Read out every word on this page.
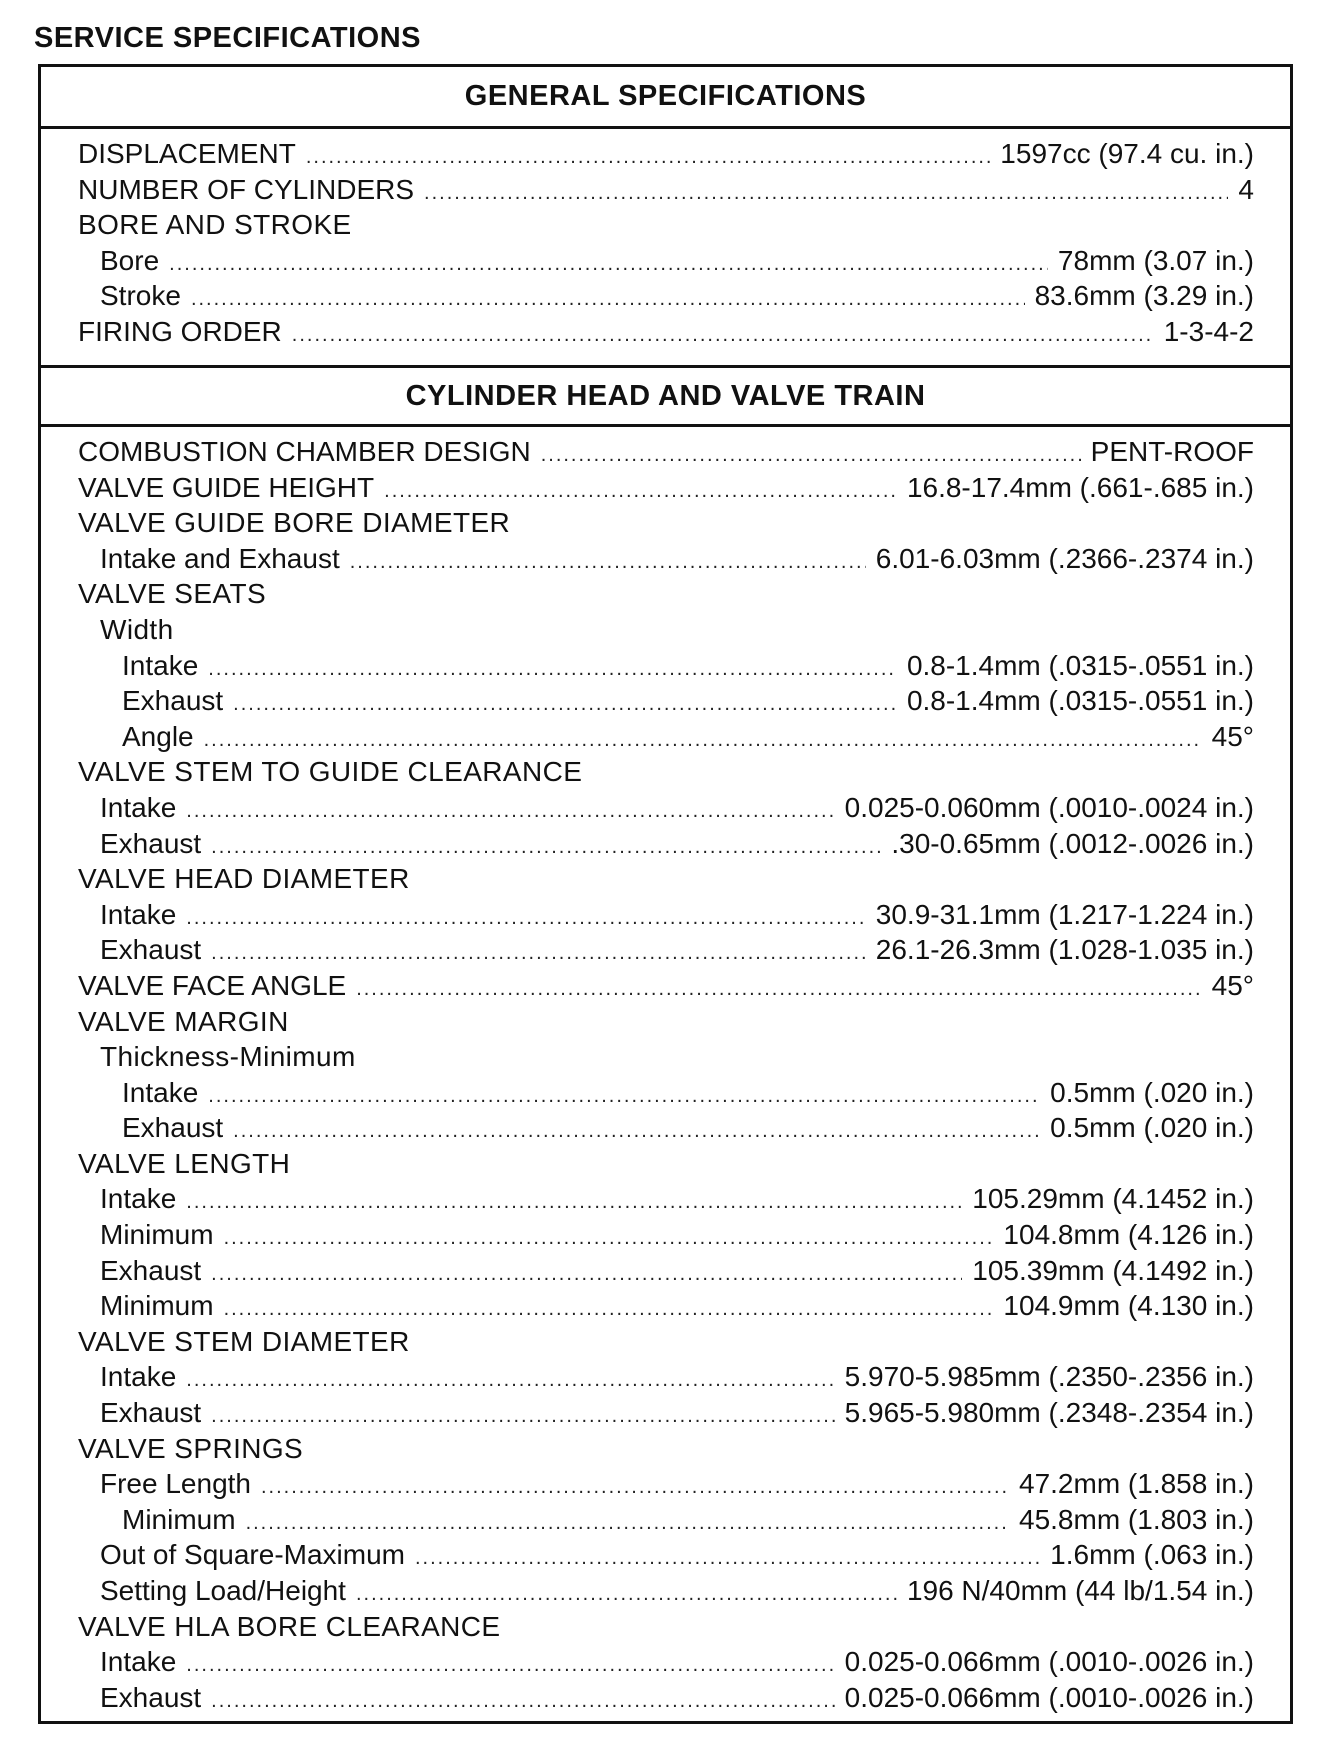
SERVICE SPECIFICATIONS
GENERAL SPECIFICATIONS
DISPLACEMENT .....	1597cc (97.4 cu. in.)
NUMBER OF CYLINDERS .....	4
BORE AND STROKE
Bore .....	78mm (3.07 in.)
Stroke .....	83.6mm (3.29 in.)
FIRING ORDER .....	1-3-4-2
CYLINDER HEAD AND VALVE TRAIN
COMBUSTION CHAMBER DESIGN .....	PENT-ROOF
VALVE GUIDE HEIGHT .....	16.8-17.4mm (.661-.685 in.)
VALVE GUIDE BORE DIAMETER
Intake and Exhaust .....	6.01-6.03mm (.2366-.2374 in.)
VALVE SEATS
Width
Intake .....	0.8-1.4mm (.0315-.0551 in.)
Exhaust .....	0.8-1.4mm (.0315-.0551 in.)
Angle .....	45°
VALVE STEM TO GUIDE CLEARANCE
Intake .....	0.025-0.060mm (.0010-.0024 in.)
Exhaust .....	.30-0.65mm (.0012-.0026 in.)
VALVE HEAD DIAMETER
Intake .....	30.9-31.1mm (1.217-1.224 in.)
Exhaust .....	26.1-26.3mm (1.028-1.035 in.)
VALVE FACE ANGLE .....	45°
VALVE MARGIN
Thickness-Minimum
Intake .....	0.5mm (.020 in.)
Exhaust .....	0.5mm (.020 in.)
VALVE LENGTH
Intake .....	105.29mm (4.1452 in.)
Minimum .....	104.8mm (4.126 in.)
Exhaust .....	105.39mm (4.1492 in.)
Minimum .....	104.9mm (4.130 in.)
VALVE STEM DIAMETER
Intake .....	5.970-5.985mm (.2350-.2356 in.)
Exhaust .....	5.965-5.980mm (.2348-.2354 in.)
VALVE SPRINGS
Free Length .....	47.2mm (1.858 in.)
Minimum .....	45.8mm (1.803 in.)
Out of Square-Maximum .....	1.6mm (.063 in.)
Setting Load/Height .....	196 N/40mm (44 lb/1.54 in.)
VALVE HLA BORE CLEARANCE
Intake .....	0.025-0.066mm (.0010-.0026 in.)
Exhaust .....	0.025-0.066mm (.0010-.0026 in.)
